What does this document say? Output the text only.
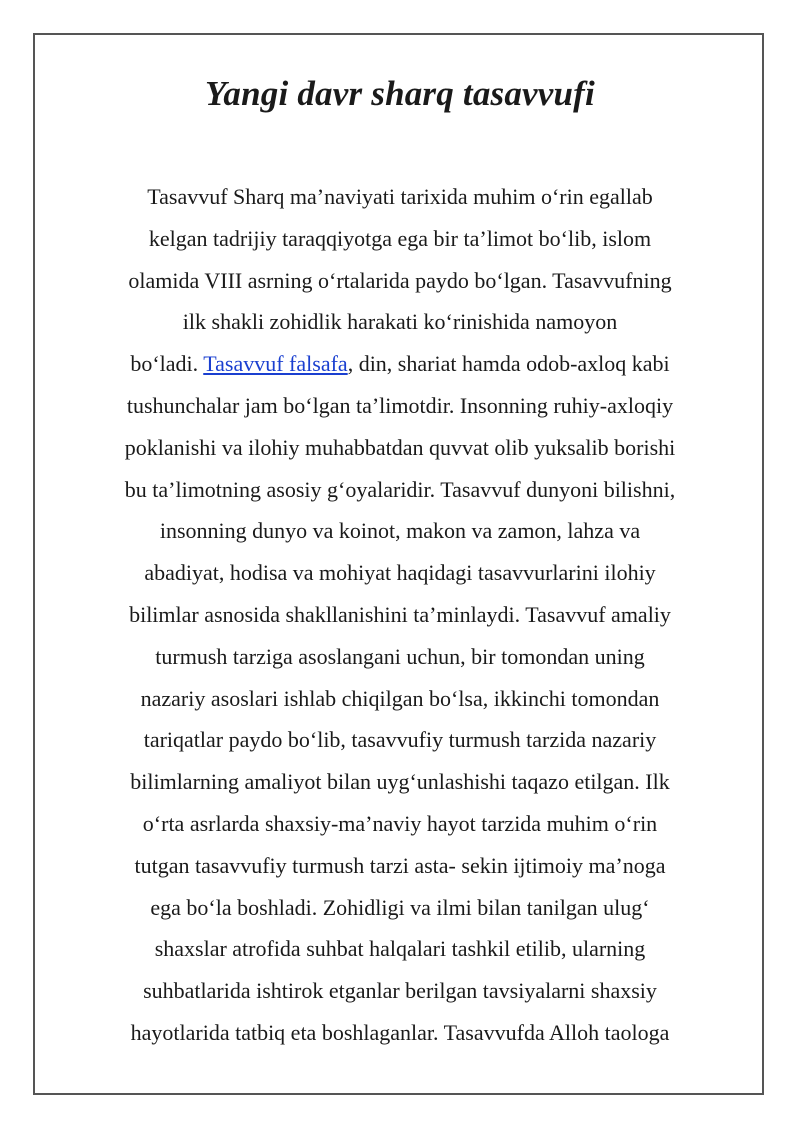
Yangi davr sharq tasavvufi

Tasavvuf Sharq ma’naviyati tarixida muhim o‘rin egallab
kelgan tadrijiy taraqqiyotga ega bir ta’limot bo‘lib, islom
olamida VIII asrning o‘rtalarida paydo bo‘lgan. Tasavvufning
ilk shakli zohidlik harakati ko‘rinishida namoyon
bo‘ladi. Tasavvuf falsafa, din, shariat hamda odob-axloq kabi
tushunchalar jam bo‘lgan ta’limotdir. Insonning ruhiy-axloqiy
poklanishi va ilohiy muhabbatdan quvvat olib yuksalib borishi
bu ta’limotning asosiy g‘oyalaridir. Tasavvuf dunyoni bilishni,
insonning dunyo va koinot, makon va zamon, lahza va
abadiyat, hodisa va mohiyat haqidagi tasavvurlarini ilohiy
bilimlar asnosida shakllanishini ta’minlaydi. Tasavvuf amaliy
turmush tarziga asoslangani uchun, bir tomondan uning
nazariy asoslari ishlab chiqilgan bo‘lsa, ikkinchi tomondan
tariqatlar paydo bo‘lib, tasavvufiy turmush tarzida nazariy
bilimlarning amaliyot bilan uyg‘unlashishi taqazo etilgan. Ilk
o‘rta asrlarda shaxsiy-ma’naviy hayot tarzida muhim o‘rin
tutgan tasavvufiy turmush tarzi asta- sekin ijtimoiy ma’noga
ega bo‘la boshladi. Zohidligi va ilmi bilan tanilgan ulug‘
shaxslar atrofida suhbat halqalari tashkil etilib, ularning
suhbatlarida ishtirok etganlar berilgan tavsiyalarni shaxsiy
hayotlarida tatbiq eta boshlaganlar. Tasavvufda Alloh taologa
